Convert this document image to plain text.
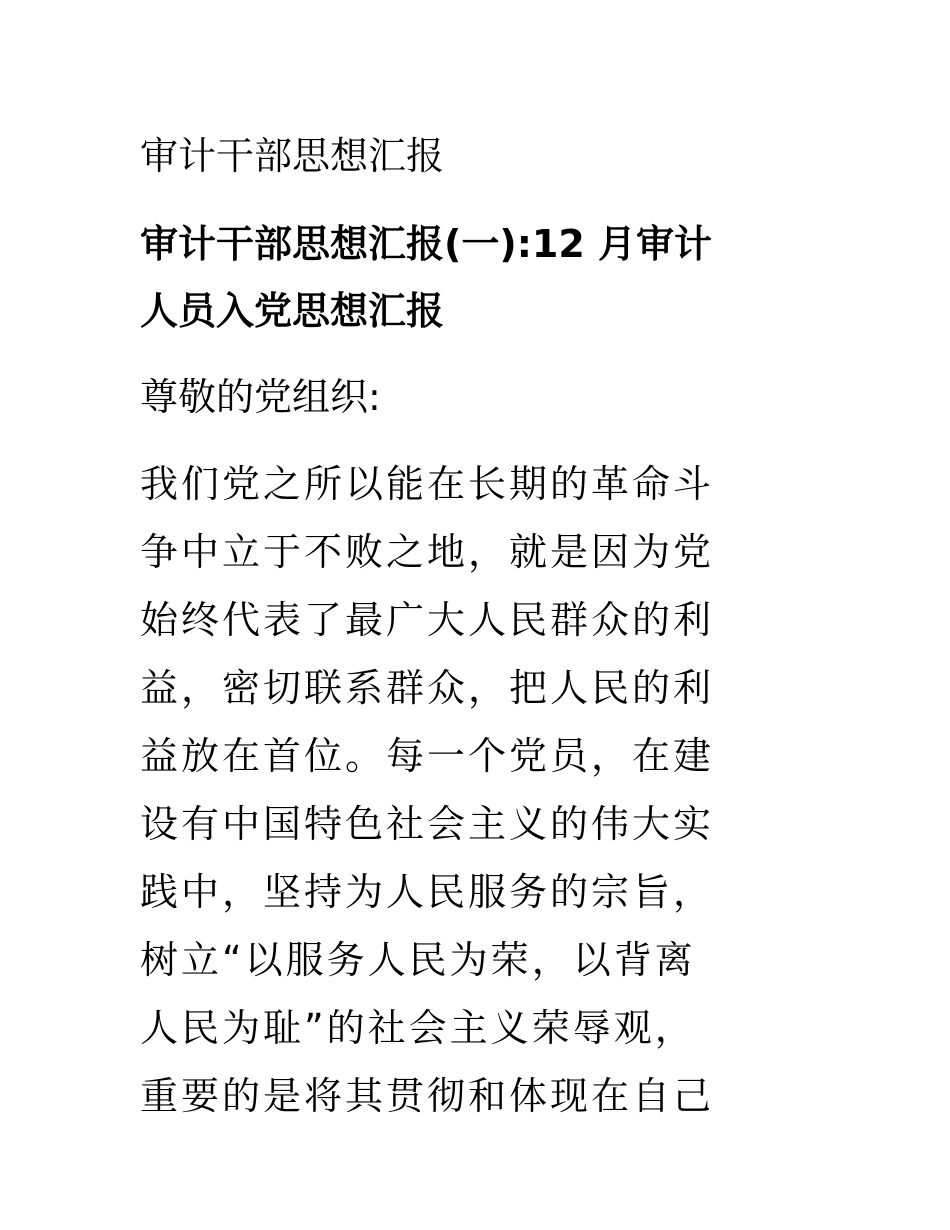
审计干部思想汇报

审计干部思想汇报(一):12 月审计

人员入党思想汇报

尊敬的党组织:

我们党之所以能在长期的革命斗

争中立于不败之地，就是因为党

始终代表了最广大人民群众的利

益，密切联系群众，把人民的利

益放在首位。每一个党员，在建

设有中国特色社会主义的伟大实

践中，坚持为人民服务的宗旨，

树立“以服务人民为荣，以背离

人民为耻”的社会主义荣辱观，

重要的是将其贯彻和体现在自己
